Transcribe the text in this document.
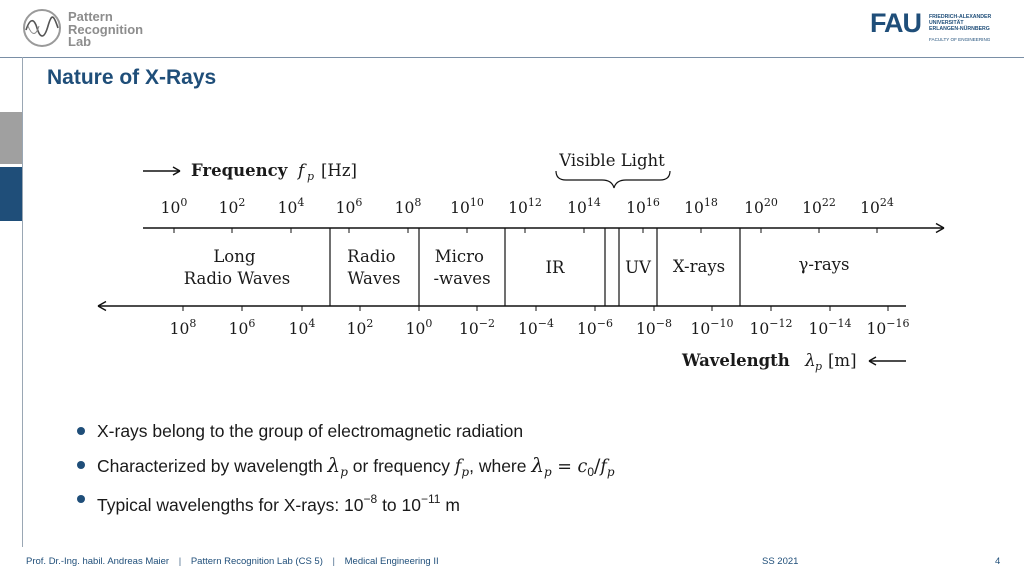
Pattern
Recognition
Lab
FAU FRIEDRICH-ALEXANDER
UNIVERSITÄT
ERLANGEN-NÜRNBERG
FACULTY OF ENGINEERING
Nature of X-Rays
Frequency f p [Hz]
Visible Light
$10^0$ $10^2$ $10^4$ $10^6$ $10^8$ $10^{10}$ $10^{12}$ $10^{14}$ $10^{16}$ $10^{18}$ $10^{20}$ $10^{22}$ $10^{24}$
Long Radio Waves
Radio Waves
Micro -waves
IR	UV X-rays	γ-rays
$10^8$ $10^6$ $10^4$ $10^2$ $10^0$ $10^{-2}$ $10^{-4}$ $10^{-6}$ $10^{-8}$ $10^{-10}$ $10^{-12}$ $10^{-14}$ $10^{-16}$
Wavelength λ p [m]
X-rays belong to the group of electromagnetic radiation
Characterized by wavelength $\lambda_p$ or frequency $f_p$, where $\lambda_p = c_0/f_p$
Typical wavelengths for X-rays: $10^{-8}$ to $10^{-11}$ m
Prof. Dr.-Ing. habil. Andreas Maier | Pattern Recognition Lab (CS 5) | Medical Engineering II	SS 2021	4
